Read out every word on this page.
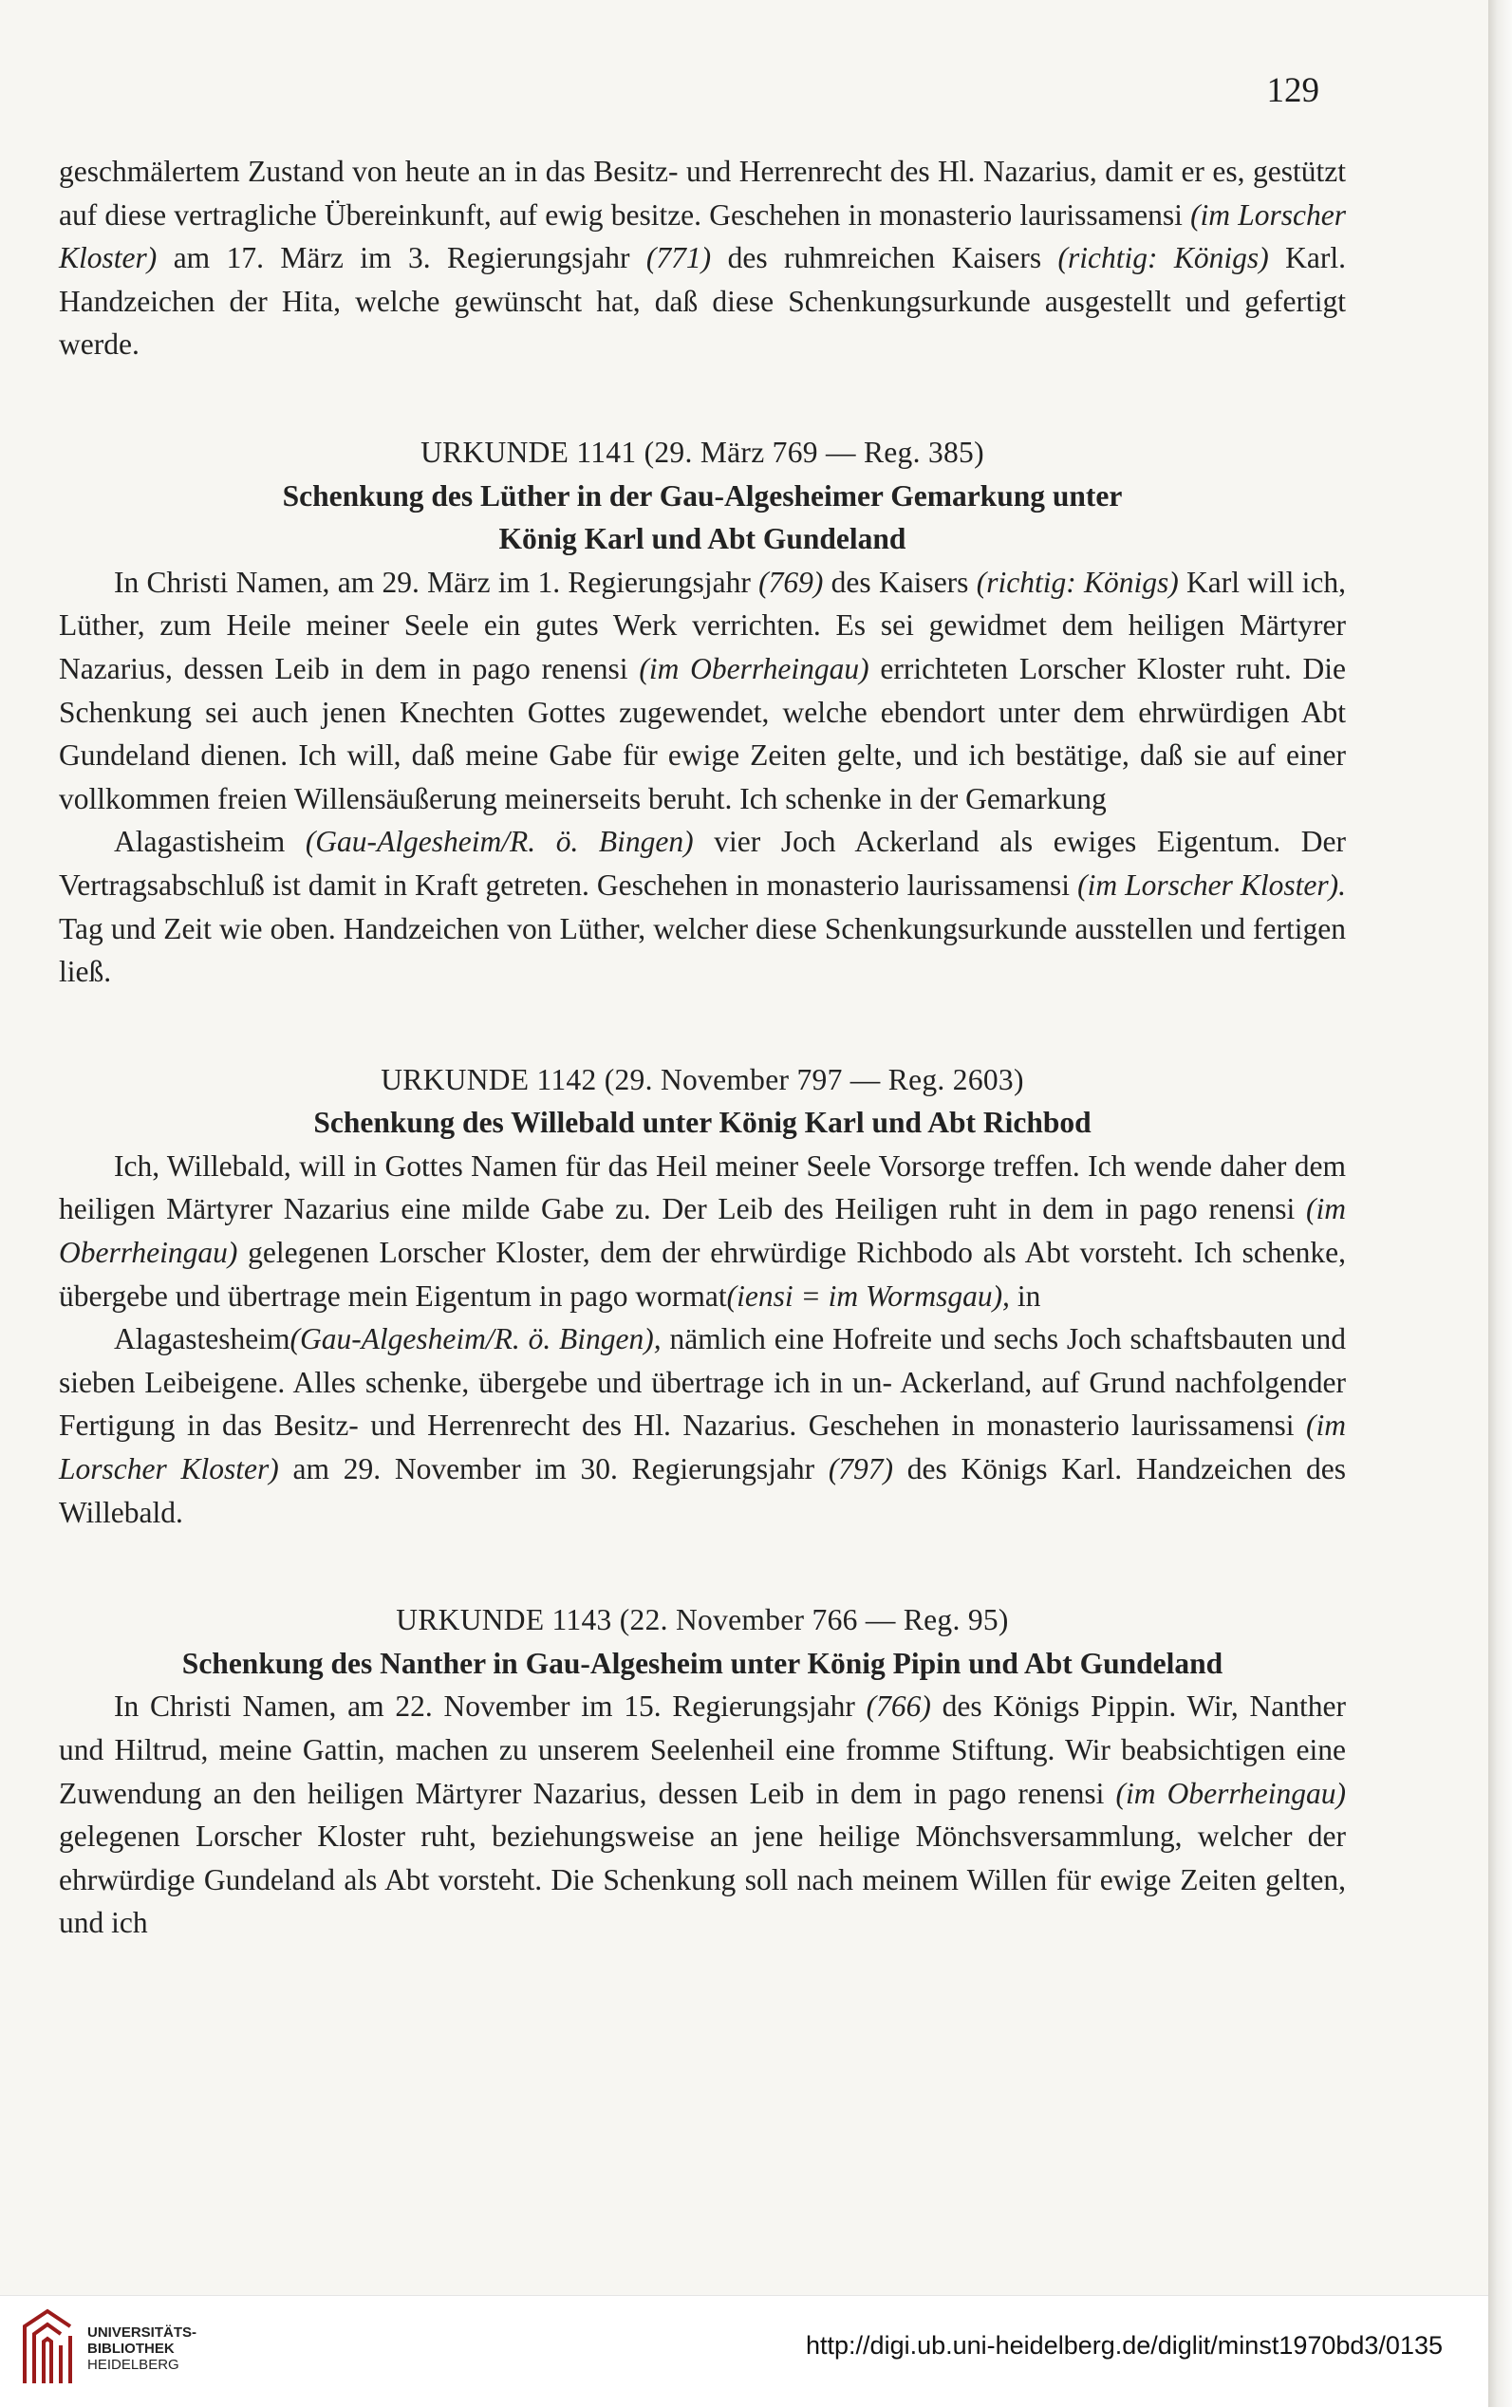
129

geschmälertem Zustand von heute an in das Besitz- und Herrenrecht des Hl. Nazarius, damit er es, gestützt auf diese vertragliche Übereinkunft, auf ewig besitze. Geschehen in monasterio laurissamensi (im Lorscher Kloster) am 17. März im 3. Regierungsjahr (771) des ruhmreichen Kaisers (richtig: Königs) Karl. Handzeichen der Hita, welche gewünscht hat, daß diese Schenkungsurkunde ausgestellt und gefertigt werde.

URKUNDE 1141 (29. März 769 — Reg. 385)
Schenkung des Lüther in der Gau-Algesheimer Gemarkung unter
König Karl und Abt Gundeland

In Christi Namen, am 29. März im 1. Regierungsjahr (769) des Kaisers (richtig: Königs) Karl will ich, Lüther, zum Heile meiner Seele ein gutes Werk verrichten. Es sei gewidmet dem heiligen Märtyrer Nazarius, dessen Leib in dem in pago renensi (im Oberrheingau) errichteten Lorscher Kloster ruht. Die Schenkung sei auch jenen Knechten Gottes zugewendet, welche ebendort unter dem ehrwürdigen Abt Gundeland dienen. Ich will, daß meine Gabe für ewige Zeiten gelte, und ich bestätige, daß sie auf einer vollkommen freien Willensäußerung meinerseits beruht. Ich schenke in der Gemarkung

Alagastisheim (Gau-Algesheim/R. ö. Bingen) vier Joch Ackerland als ewiges Eigentum. Der Vertragsabschluß ist damit in Kraft getreten. Geschehen in monasterio laurissamensi (im Lorscher Kloster). Tag und Zeit wie oben. Handzeichen von Lüther, welcher diese Schenkungsurkunde ausstellen und fertigen ließ.

URKUNDE 1142 (29. November 797 — Reg. 2603)
Schenkung des Willebald unter König Karl und Abt Richbod

Ich, Willebald, will in Gottes Namen für das Heil meiner Seele Vorsorge treffen. Ich wende daher dem heiligen Märtyrer Nazarius eine milde Gabe zu. Der Leib des Heiligen ruht in dem in pago renensi (im Oberrheingau) gelegenen Lorscher Kloster, dem der ehrwürdige Richbodo als Abt vorsteht. Ich schenke, übergebe und übertrage mein Eigentum in pago wormat(iensi = im Wormsgau), in

Alagastesheim(Gau-Algesheim/R. ö. Bingen), nämlich eine Hofreite und sechs Joch schaftsbauten und sieben Leibeigene. Alles schenke, übergebe und übertrage ich in un- Ackerland, auf Grund nachfolgender Fertigung in das Besitz- und Herrenrecht des Hl. Nazarius. Geschehen in monasterio laurissamensi (im Lorscher Kloster) am 29. November im 30. Regierungsjahr (797) des Königs Karl. Handzeichen des Willebald.

URKUNDE 1143 (22. November 766 — Reg. 95)
Schenkung des Nanther in Gau-Algesheim unter König Pipin und Abt Gundeland

In Christi Namen, am 22. November im 15. Regierungsjahr (766) des Königs Pippin. Wir, Nanther und Hiltrud, meine Gattin, machen zu unserem Seelenheil eine fromme Stiftung. Wir beabsichtigen eine Zuwendung an den heiligen Märtyrer Nazarius, dessen Leib in dem in pago renensi (im Oberrheingau) gelegenen Lorscher Kloster ruht, beziehungsweise an jene heilige Mönchsversammlung, welcher der ehrwürdige Gundeland als Abt vorsteht. Die Schenkung soll nach meinem Willen für ewige Zeiten gelten, und ich

UNIVERSITÄTS-
BIBLIOTHEK
HEIDELBERG
http://digi.ub.uni-heidelberg.de/diglit/minst1970bd3/0135
